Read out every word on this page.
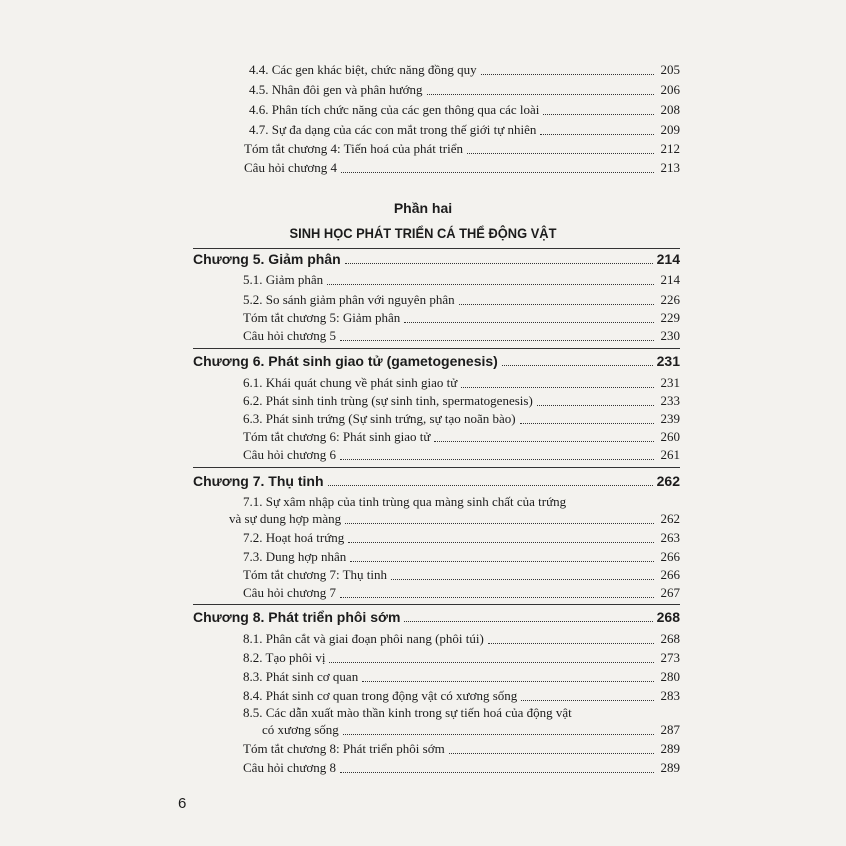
4.4. Các gen khác biệt, chức năng đồng quy	205
4.5. Nhân đôi gen và phân hướng	206
4.6. Phân tích chức năng của các gen thông qua các loài	208
4.7. Sự đa dạng của các con mắt trong thế giới tự nhiên	209
Tóm tắt chương 4: Tiến hoá của phát triển	212
Câu hỏi chương 4	213
Phần hai
SINH HỌC PHÁT TRIỂN CÁ THỂ ĐỘNG VẬT
Chương 5. Giảm phân	214
5.1. Giảm phân	214
5.2. So sánh giảm phân với nguyên phân	226
Tóm tắt chương 5: Giảm phân	229
Câu hỏi chương 5	230
Chương 6. Phát sinh giao tử (gametogenesis)	231
6.1. Khái quát chung về phát sinh giao tử	231
6.2. Phát sinh tinh trùng (sự sinh tinh, spermatogenesis)	233
6.3. Phát sinh trứng (Sự sinh trứng, sự tạo noãn bào)	239
Tóm tắt chương 6: Phát sinh giao tử	260
Câu hỏi chương 6	261
Chương 7. Thụ tinh	262
7.1. Sự xâm nhập của tinh trùng qua màng sinh chất của trứng
và sự dung hợp màng	262
7.2. Hoạt hoá trứng	263
7.3. Dung hợp nhân	266
Tóm tắt chương 7: Thụ tinh	266
Câu hỏi chương 7	267
Chương 8. Phát triển phôi sớm	268
8.1. Phân cắt và giai đoạn phôi nang (phôi túi)	268
8.2. Tạo phôi vị	273
8.3. Phát sinh cơ quan	280
8.4. Phát sinh cơ quan trong động vật có xương sống	283
8.5. Các dẫn xuất mào thần kinh trong sự tiến hoá của động vật
có xương sống	287
Tóm tắt chương 8: Phát triển phôi sớm	289
Câu hỏi chương 8	289
6
